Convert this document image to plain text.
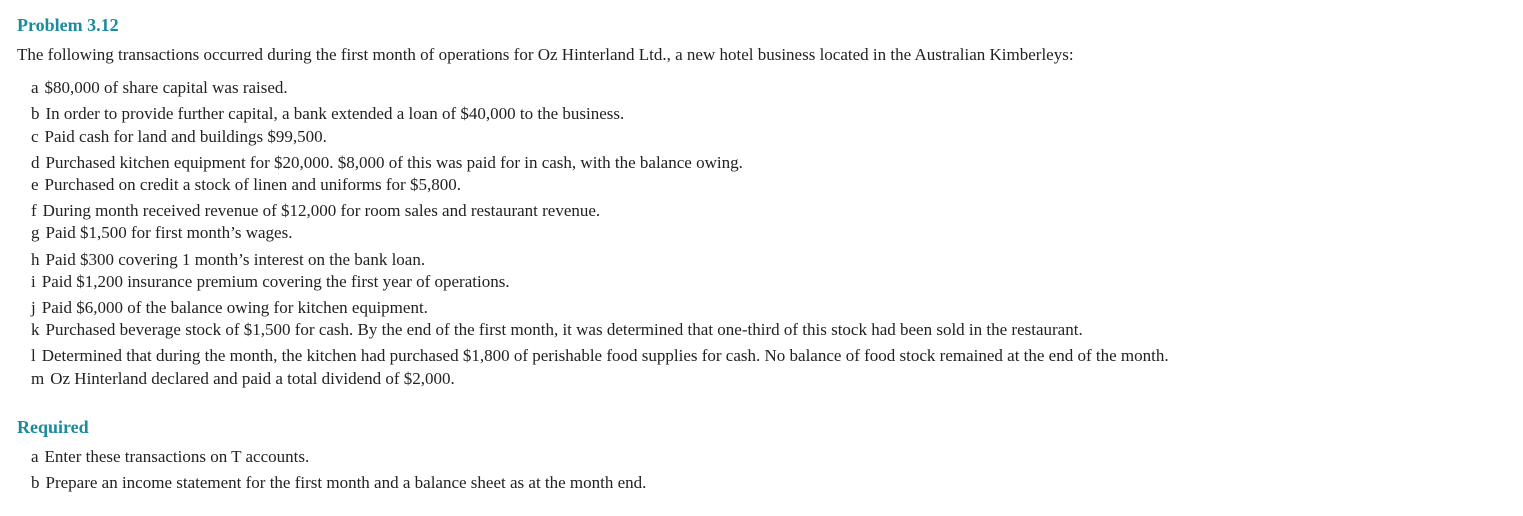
Problem 3.12

The following transactions occurred during the first month of operations for Oz Hinterland Ltd., a new hotel business located in the Australian Kimberleys:

a $80,000 of share capital was raised.

b In order to provide further capital, a bank extended a loan of $40,000 to the business.

c Paid cash for land and buildings $99,500.

d Purchased kitchen equipment for $20,000. $8,000 of this was paid for in cash, with the balance owing.

e Purchased on credit a stock of linen and uniforms for $5,800.

f During month received revenue of $12,000 for room sales and restaurant revenue.

g Paid $1,500 for first month’s wages.

h Paid $300 covering 1 month’s interest on the bank loan.

i Paid $1,200 insurance premium covering the first year of operations.

j Paid $6,000 of the balance owing for kitchen equipment.

k Purchased beverage stock of $1,500 for cash. By the end of the first month, it was determined that one-third of this stock had been sold in the restaurant.

l Determined that during the month, the kitchen had purchased $1,800 of perishable food supplies for cash. No balance of food stock remained at the end of the month.

m Oz Hinterland declared and paid a total dividend of $2,000.

Required

a Enter these transactions on T accounts.

b Prepare an income statement for the first month and a balance sheet as at the month end.
